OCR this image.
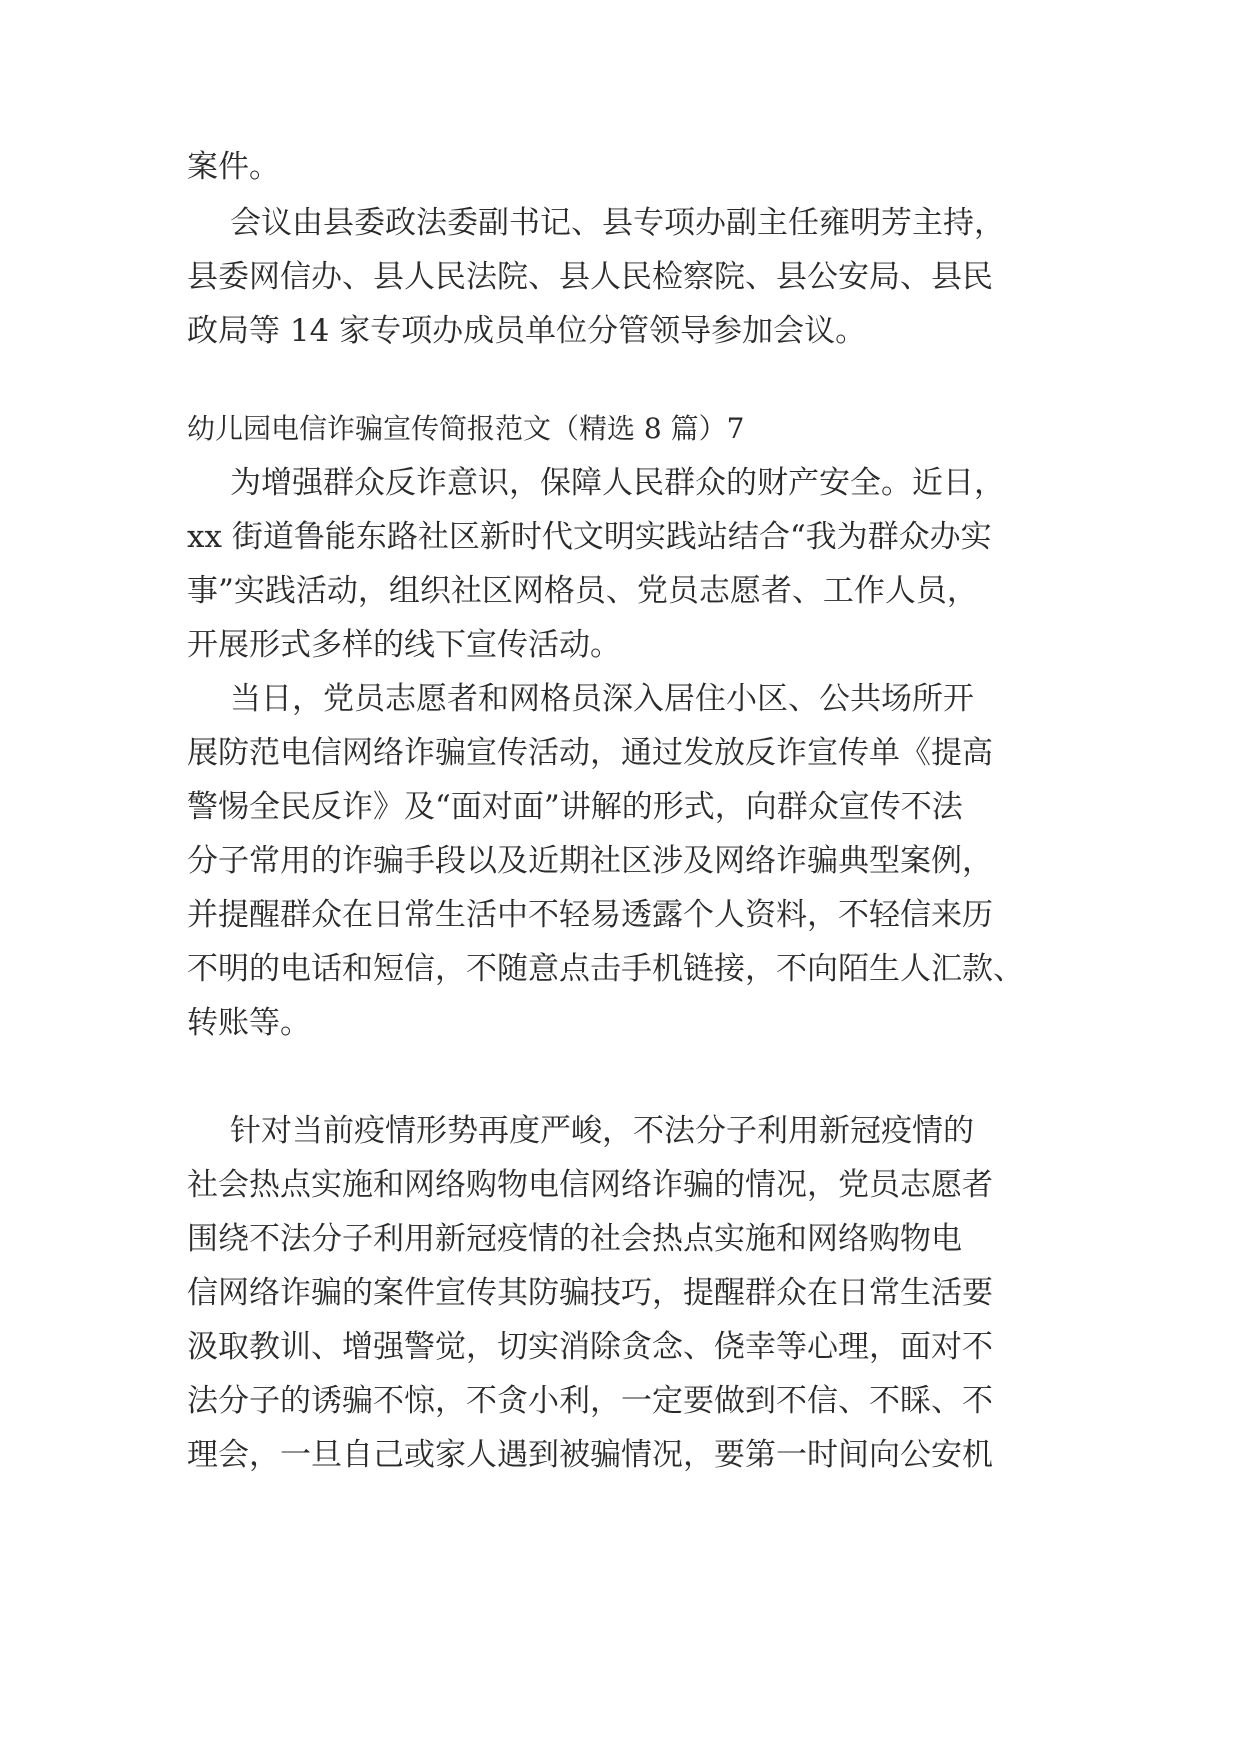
案件。
会议由县委政法委副书记、县专项办副主任雍明芳主持，
县委网信办、县人民法院、县人民检察院、县公安局、县民
政局等 14 家专项办成员单位分管领导参加会议。
幼儿园电信诈骗宣传简报范文（精选 8 篇）7
为增强群众反诈意识，保障人民群众的财产安全。近日，
xx 街道鲁能东路社区新时代文明实践站结合“我为群众办实
事”实践活动，组织社区网格员、党员志愿者、工作人员，
开展形式多样的线下宣传活动。
当日，党员志愿者和网格员深入居住小区、公共场所开
展防范电信网络诈骗宣传活动，通过发放反诈宣传单《提高
警惕全民反诈》及“面对面”讲解的形式，向群众宣传不法
分子常用的诈骗手段以及近期社区涉及网络诈骗典型案例，
并提醒群众在日常生活中不轻易透露个人资料，不轻信来历
不明的电话和短信，不随意点击手机链接，不向陌生人汇款、
转账等。
针对当前疫情形势再度严峻，不法分子利用新冠疫情的
社会热点实施和网络购物电信网络诈骗的情况，党员志愿者
围绕不法分子利用新冠疫情的社会热点实施和网络购物电
信网络诈骗的案件宣传其防骗技巧，提醒群众在日常生活要
汲取教训、增强警觉，切实消除贪念、侥幸等心理，面对不
法分子的诱骗不惊，不贪小利，一定要做到不信、不睬、不
理会，一旦自己或家人遇到被骗情况，要第一时间向公安机
